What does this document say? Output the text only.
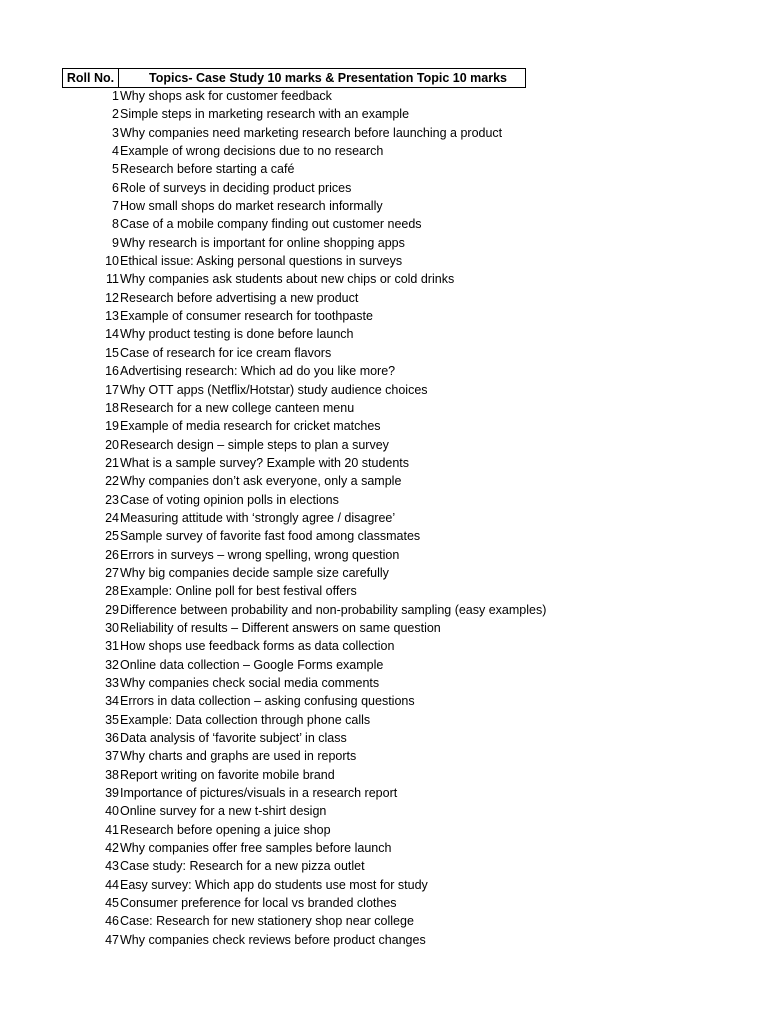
Roll No.	Topics- Case Study 10 marks & Presentation Topic 10 marks
1 Why shops ask for customer feedback
2 Simple steps in marketing research with an example
3 Why companies need marketing research before launching a product
4 Example of wrong decisions due to no research
5 Research before starting a café
6 Role of surveys in deciding product prices
7 How small shops do market research informally
8 Case of a mobile company finding out customer needs
9 Why research is important for online shopping apps
10 Ethical issue: Asking personal questions in surveys
11 Why companies ask students about new chips or cold drinks
12 Research before advertising a new product
13 Example of consumer research for toothpaste
14 Why product testing is done before launch
15 Case of research for ice cream flavors
16 Advertising research: Which ad do you like more?
17 Why OTT apps (Netflix/Hotstar) study audience choices
18 Research for a new college canteen menu
19 Example of media research for cricket matches
20 Research design – simple steps to plan a survey
21 What is a sample survey? Example with 20 students
22 Why companies don’t ask everyone, only a sample
23 Case of voting opinion polls in elections
24 Measuring attitude with ‘strongly agree / disagree’
25 Sample survey of favorite fast food among classmates
26 Errors in surveys – wrong spelling, wrong question
27 Why big companies decide sample size carefully
28 Example: Online poll for best festival offers
29 Difference between probability and non-probability sampling (easy examples)
30 Reliability of results – Different answers on same question
31 How shops use feedback forms as data collection
32 Online data collection – Google Forms example
33 Why companies check social media comments
34 Errors in data collection – asking confusing questions
35 Example: Data collection through phone calls
36 Data analysis of ‘favorite subject’ in class
37 Why charts and graphs are used in reports
38 Report writing on favorite mobile brand
39 Importance of pictures/visuals in a research report
40 Online survey for a new t-shirt design
41 Research before opening a juice shop
42 Why companies offer free samples before launch
43 Case study: Research for a new pizza outlet
44 Easy survey: Which app do students use most for study
45 Consumer preference for local vs branded clothes
46 Case: Research for new stationery shop near college
47 Why companies check reviews before product changes
